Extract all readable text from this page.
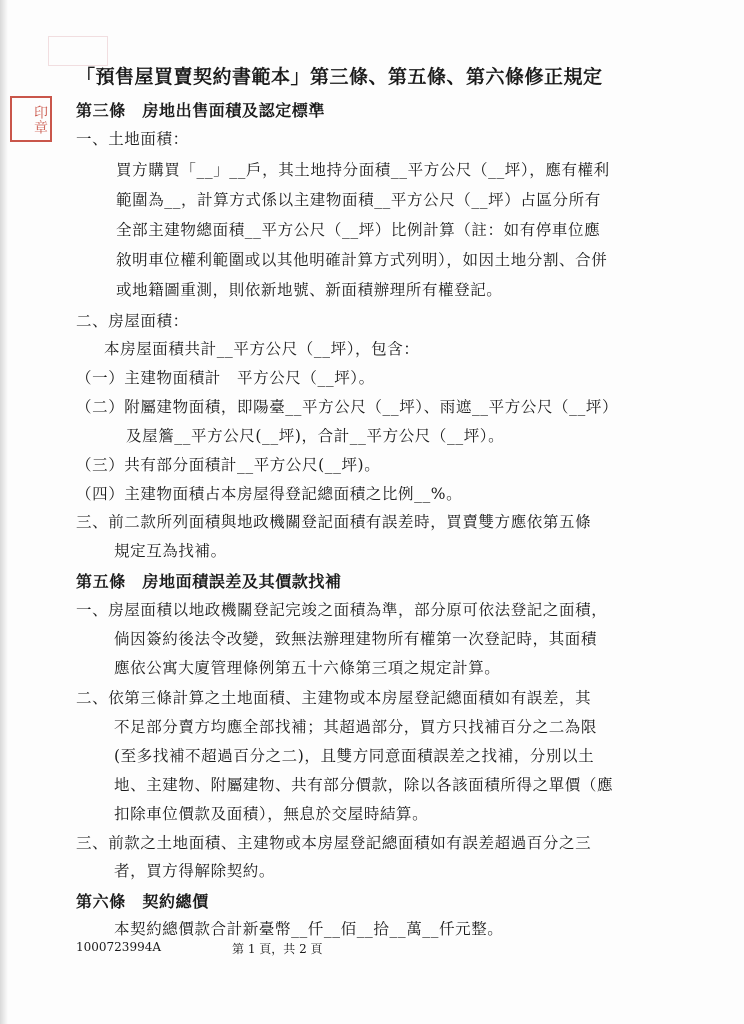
印章
「預售屋買賣契約書範本」第三條、第五條、第六條修正規定
第三條　房地出售面積及認定標準
一、土地面積：
買方購買「__」__戶，其土地持分面積__平方公尺（__坪），應有權利
範圍為__，計算方式係以主建物面積__平方公尺（__坪）占區分所有
全部主建物總面積__平方公尺（__坪）比例計算（註：如有停車位應
敘明車位權利範圍或以其他明確計算方式列明），如因土地分割、合併
或地籍圖重測，則依新地號、新面積辦理所有權登記。
二、房屋面積：
本房屋面積共計__平方公尺（__坪），包含：
（一）主建物面積計　平方公尺（__坪）。
（二）附屬建物面積，即陽臺__平方公尺（__坪）、雨遮__平方公尺（__坪）
及屋簷__平方公尺(__坪)，合計__平方公尺（__坪）。
（三）共有部分面積計__平方公尺(__坪)。
（四）主建物面積占本房屋得登記總面積之比例__%。
三、前二款所列面積與地政機關登記面積有誤差時，買賣雙方應依第五條
規定互為找補。
第五條　房地面積誤差及其價款找補
一、房屋面積以地政機關登記完竣之面積為準，部分原可依法登記之面積，
倘因簽約後法令改變，致無法辦理建物所有權第一次登記時，其面積
應依公寓大廈管理條例第五十六條第三項之規定計算。
二、依第三條計算之土地面積、主建物或本房屋登記總面積如有誤差，其
不足部分賣方均應全部找補；其超過部分，買方只找補百分之二為限
(至多找補不超過百分之二)，且雙方同意面積誤差之找補，分別以土
地、主建物、附屬建物、共有部分價款，除以各該面積所得之單價（應
扣除車位價款及面積），無息於交屋時結算。
三、前款之土地面積、主建物或本房屋登記總面積如有誤差超過百分之三
者，買方得解除契約。
第六條　契約總價
本契約總價款合計新臺幣__仟__佰__拾__萬__仟元整。
1000723994A	第 1 頁，共 2 頁
